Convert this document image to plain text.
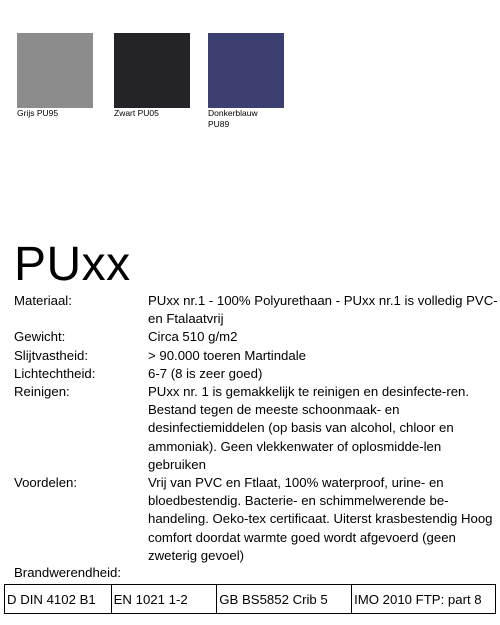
Grijs PU95	Zwart PU05	Donkerblauw PU89
PUxx
Materiaal:	PUxx nr.1 - 100% Polyurethaan - PUxx nr.1 is volledig PVC- en Ftalaatvrij
Gewicht:	Circa 510 g/m2
Slijtvastheid:	> 90.000 toeren Martindale
Lichtechtheid:	6-7 (8 is zeer goed)
Reinigen:	PUxx nr. 1 is gemakkelijk te reinigen en desinfecte-ren. Bestand tegen de meeste schoonmaak- en desinfectiemiddelen (op basis van alcohol, chloor en ammoniak). Geen vlekkenwater of oplosmidde-len gebruiken
Voordelen:	Vrij van PVC en Ftlaat, 100% waterproof, urine- en bloedbestendig. Bacterie- en schimmelwerende be-handeling. Oeko-tex certificaat. Uiterst krasbestendig Hoog comfort doordat warmte goed wordt afgevoerd (geen zweterig gevoel)
Brandwerendheid:
D DIN 4102 B1	EN 1021 1-2	GB BS5852 Crib 5	IMO 2010 FTP: part 8
